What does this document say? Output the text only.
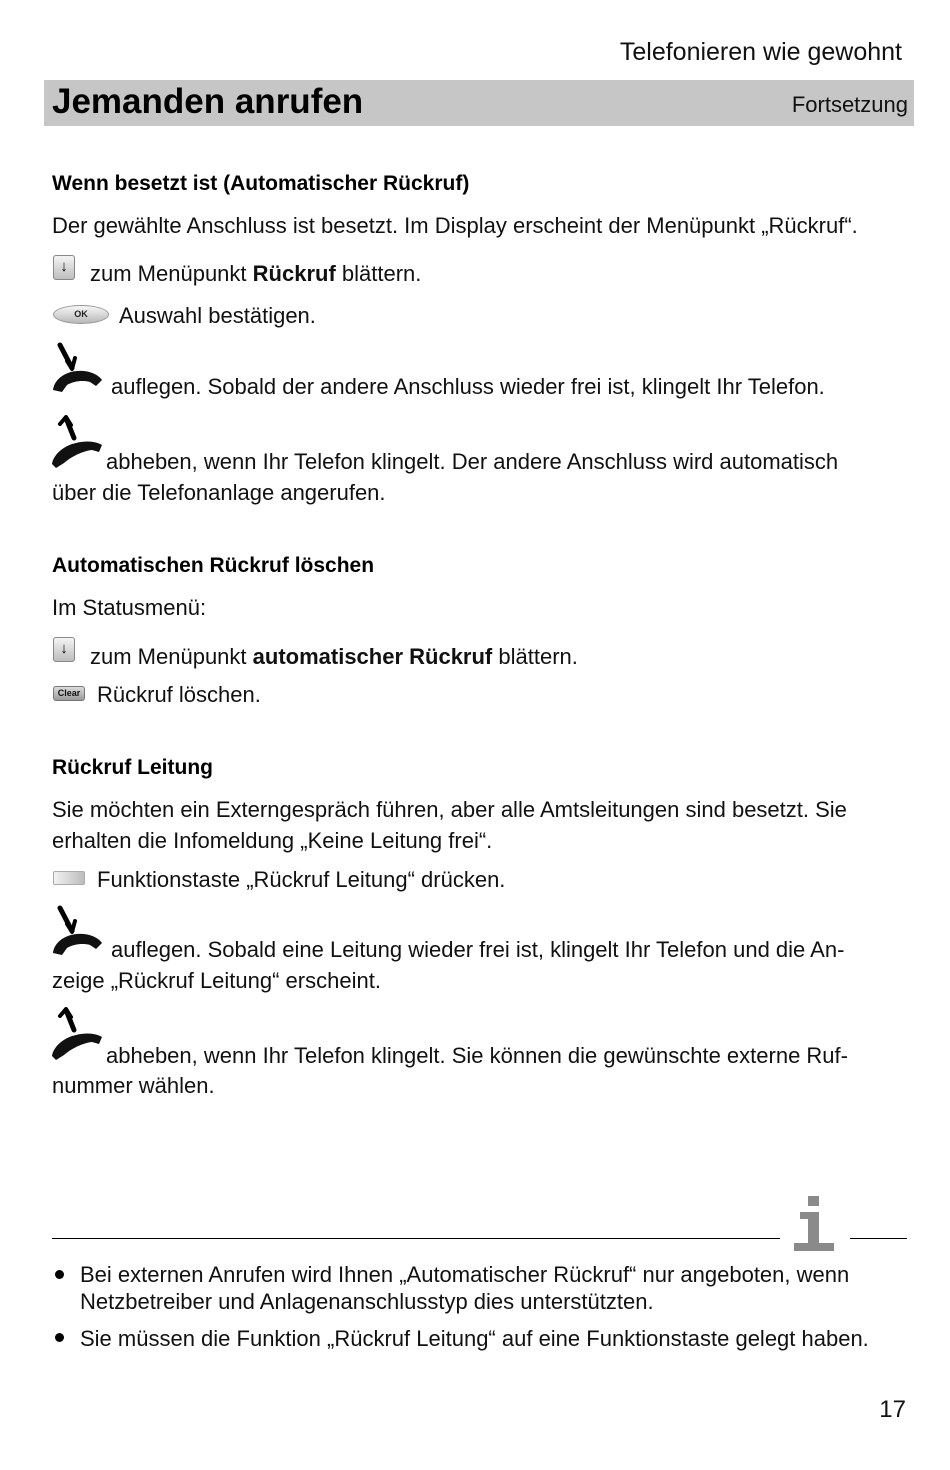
Telefonieren wie gewohnt
Jemanden anrufen	Fortsetzung
Wenn besetzt ist (Automatischer Rückruf)
Der gewählte Anschluss ist besetzt. Im Display erscheint der Menüpunkt „Rückruf“.
↓	zum Menüpunkt Rückruf blättern.
OK	Auswahl bestätigen.
auflegen. Sobald der andere Anschluss wieder frei ist, klingelt Ihr Telefon.
abheben, wenn Ihr Telefon klingelt. Der andere Anschluss wird automatisch
über die Telefonanlage angerufen.
Automatischen Rückruf löschen
Im Statusmenü:
↓	zum Menüpunkt automatischer Rückruf blättern.
Clear Rückruf löschen.
Rückruf Leitung
Sie möchten ein Externgespräch führen, aber alle Amtsleitungen sind besetzt. Sie
erhalten die Infomeldung „Keine Leitung frei“.
Funktionstaste „Rückruf Leitung“ drücken.
auflegen. Sobald eine Leitung wieder frei ist, klingelt Ihr Telefon und die An-
zeige „Rückruf Leitung“ erscheint.
abheben, wenn Ihr Telefon klingelt. Sie können die gewünschte externe Ruf-
nummer wählen.
Bei externen Anrufen wird Ihnen „Automatischer Rückruf“ nur angeboten, wenn Netzbetreiber und Anlagenanschlusstyp dies unterstützten.
Sie müssen die Funktion „Rückruf Leitung“ auf eine Funktionstaste gelegt haben.
17
